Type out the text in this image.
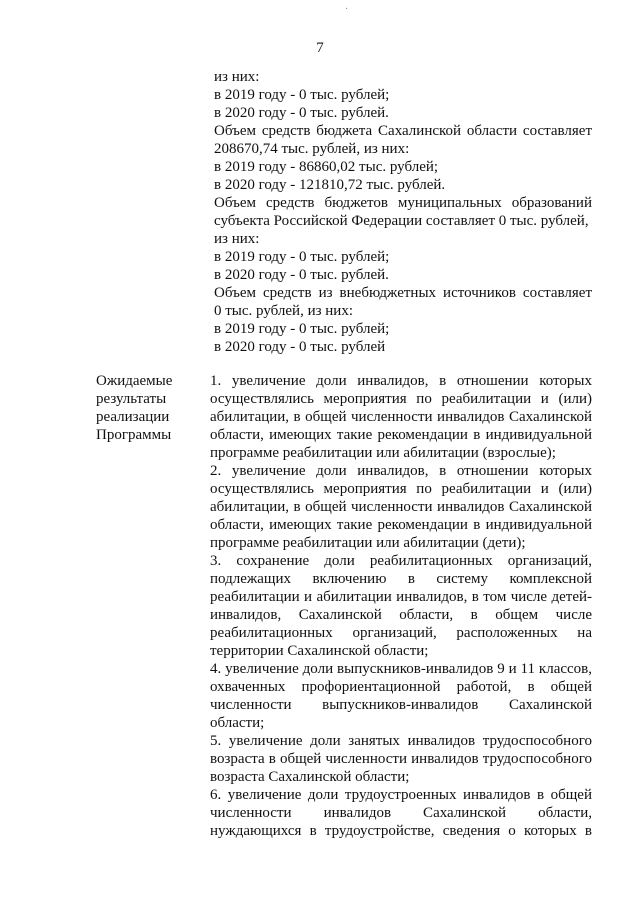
·
7
из них:
в 2019 году - 0 тыс. рублей;
в 2020 году - 0 тыс. рублей.
Объем средств бюджета Сахалинской области составляет
208670,74 тыс. рублей, из них:
в 2019 году - 86860,02 тыс. рублей;
в 2020 году - 121810,72 тыс. рублей.
Объем средств бюджетов муниципальных образований
субъекта Российской Федерации составляет 0 тыс. рублей,
из них:
в 2019 году - 0 тыс. рублей;
в 2020 году - 0 тыс. рублей.
Объем средств из внебюджетных источников составляет
0 тыс. рублей, из них:
в 2019 году - 0 тыс. рублей;
в 2020 году - 0 тыс. рублей
Ожидаемые
результаты
реализации
Программы
1. увеличение доли инвалидов, в отношении которых
осуществлялись мероприятия по реабилитации и (или)
абилитации, в общей численности инвалидов Сахалинской
области, имеющих такие рекомендации в индивидуальной
программе реабилитации или абилитации (взрослые);
2. увеличение доли инвалидов, в отношении которых
осуществлялись мероприятия по реабилитации и (или)
абилитации, в общей численности инвалидов Сахалинской
области, имеющих такие рекомендации в индивидуальной
программе реабилитации или абилитации (дети);
3. сохранение доли реабилитационных организаций,
подлежащих включению в систему комплексной
реабилитации и абилитации инвалидов, в том числе детей-
инвалидов, Сахалинской области, в общем числе
реабилитационных организаций, расположенных на
территории Сахалинской области;
4. увеличение доли выпускников-инвалидов 9 и 11 классов,
охваченных профориентационной работой, в общей
численности выпускников-инвалидов Сахалинской
области;
5. увеличение доли занятых инвалидов трудоспособного
возраста в общей численности инвалидов трудоспособного
возраста Сахалинской области;
6. увеличение доли трудоустроенных инвалидов в общей
численности инвалидов Сахалинской области,
нуждающихся в трудоустройстве, сведения о которых в
